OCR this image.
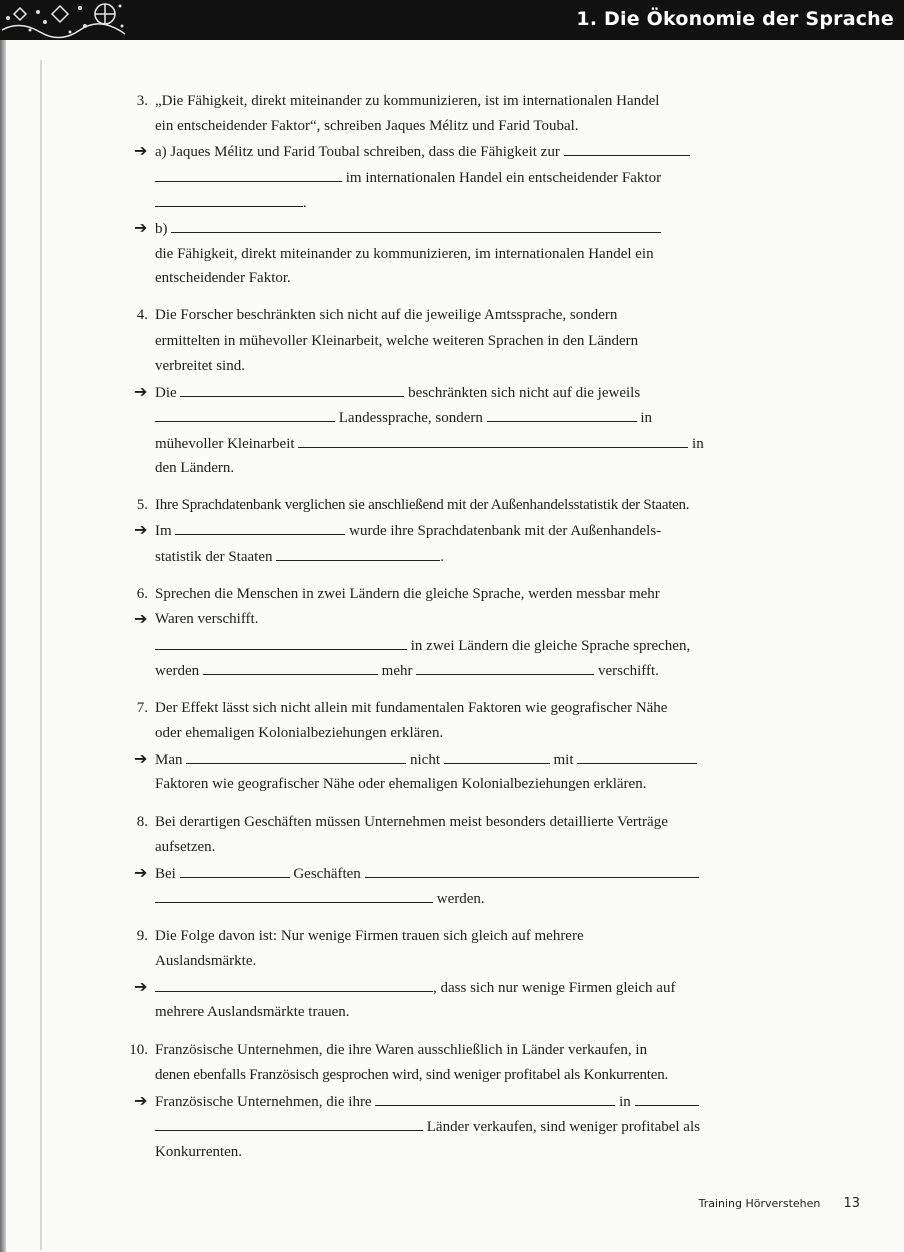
1. Die Ökonomie der Sprache
3. „Die Fähigkeit, direkt miteinander zu kommunizieren, ist im internationalen Handel
ein entscheidender Faktor“, schreiben Jaques Mélitz und Farid Toubal.
➔ a) Jaques Mélitz und Farid Toubal schreiben, dass die Fähigkeit zur
im internationalen Handel ein entscheidender Faktor
.
➔ b)
die Fähigkeit, direkt miteinander zu kommunizieren, im internationalen Handel ein
entscheidender Faktor.
4. Die Forscher beschränkten sich nicht auf die jeweilige Amtssprache, sondern
ermittelten in mühevoller Kleinarbeit, welche weiteren Sprachen in den Ländern
verbreitet sind.
➔ Die	beschränkten sich nicht auf die jeweils
Landessprache, sondern	in
mühevoller Kleinarbeit	in
den Ländern.
5. Ihre Sprachdatenbank verglichen sie anschließend mit der Außenhandelsstatistik der Staaten.
➔ Im	wurde ihre Sprachdatenbank mit der Außenhandels-
statistik der Staaten	.
6. Sprechen die Menschen in zwei Ländern die gleiche Sprache, werden messbar mehr
➔ Waren verschifft.
in zwei Ländern die gleiche Sprache sprechen,
werden	mehr	verschifft.
7. Der Effekt lässt sich nicht allein mit fundamentalen Faktoren wie geografischer Nähe
oder ehemaligen Kolonialbeziehungen erklären.
➔ Man	nicht	mit
Faktoren wie geografischer Nähe oder ehemaligen Kolonialbeziehungen erklären.
8. Bei derartigen Geschäften müssen Unternehmen meist besonders detaillierte Verträge
aufsetzen.
➔ Bei	Geschäften
werden.
9. Die Folge davon ist: Nur wenige Firmen trauen sich gleich auf mehrere
Auslandsmärkte.
➔	, dass sich nur wenige Firmen gleich auf
mehrere Auslandsmärkte trauen.
10. Französische Unternehmen, die ihre Waren ausschließlich in Länder verkaufen, in
denen ebenfalls Französisch gesprochen wird, sind weniger profitabel als Konkurrenten.
➔ Französische Unternehmen, die ihre	in
Länder verkaufen, sind weniger profitabel als
Konkurrenten.
Training Hörverstehen 13
